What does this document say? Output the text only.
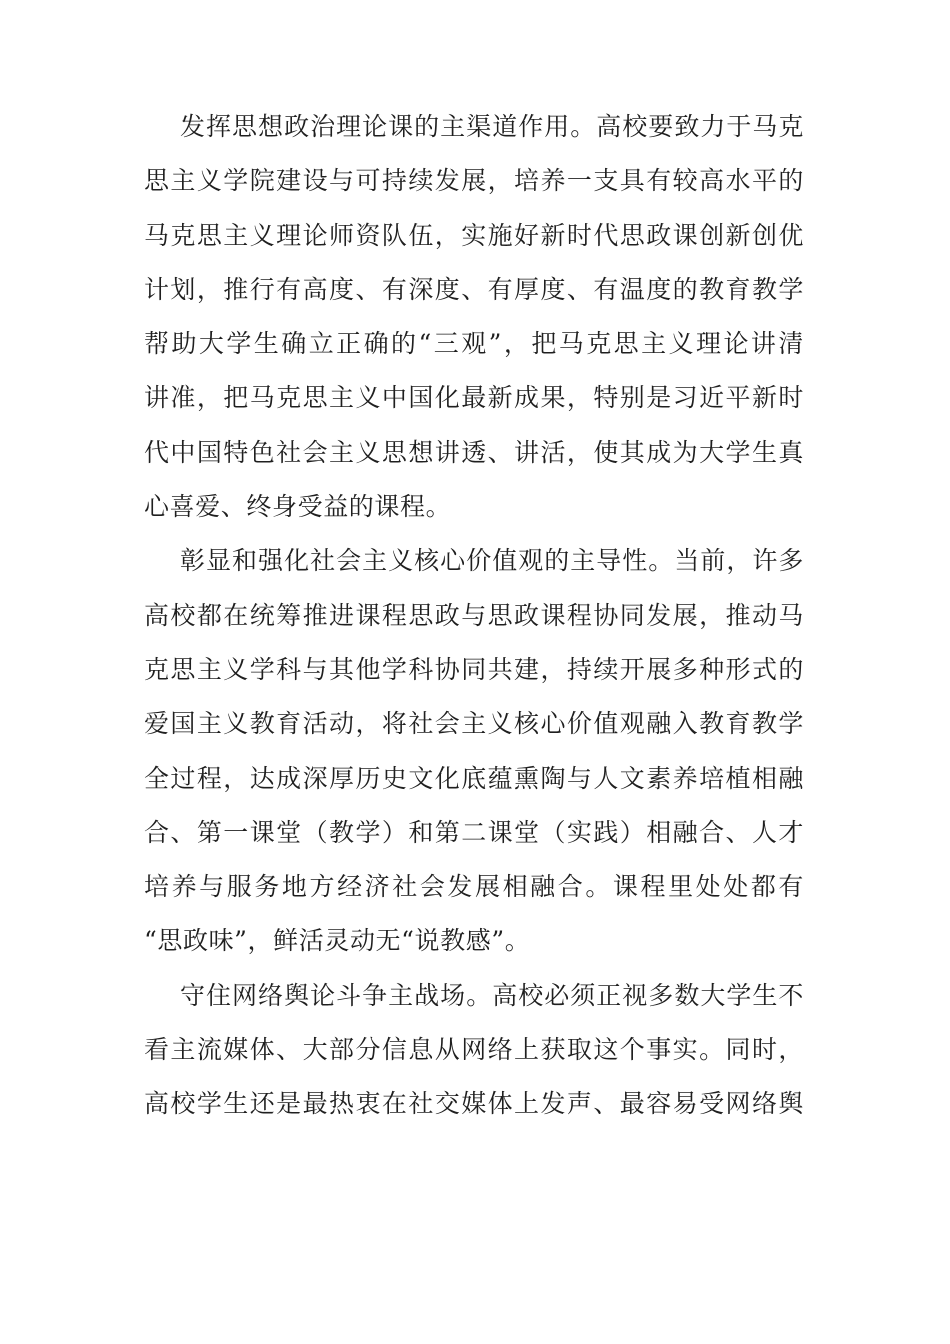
发挥思想政治理论课的主渠道作用。高校要致力于马克
思主义学院建设与可持续发展，培养一支具有较高水平的
马克思主义理论师资队伍，实施好新时代思政课创新创优
计划，推行有高度、有深度、有厚度、有温度的教育教学
帮助大学生确立正确的“三观”，把马克思主义理论讲清
讲准，把马克思主义中国化最新成果，特别是习近平新时
代中国特色社会主义思想讲透、讲活，使其成为大学生真
心喜爱、终身受益的课程。
彰显和强化社会主义核心价值观的主导性。当前，许多
高校都在统筹推进课程思政与思政课程协同发展，推动马
克思主义学科与其他学科协同共建，持续开展多种形式的
爱国主义教育活动，将社会主义核心价值观融入教育教学
全过程，达成深厚历史文化底蕴熏陶与人文素养培植相融
合、第一课堂（教学）和第二课堂（实践）相融合、人才
培养与服务地方经济社会发展相融合。课程里处处都有
“思政味”，鲜活灵动无“说教感”。
守住网络舆论斗争主战场。高校必须正视多数大学生不
看主流媒体、大部分信息从网络上获取这个事实。同时，
高校学生还是最热衷在社交媒体上发声、最容易受网络舆
